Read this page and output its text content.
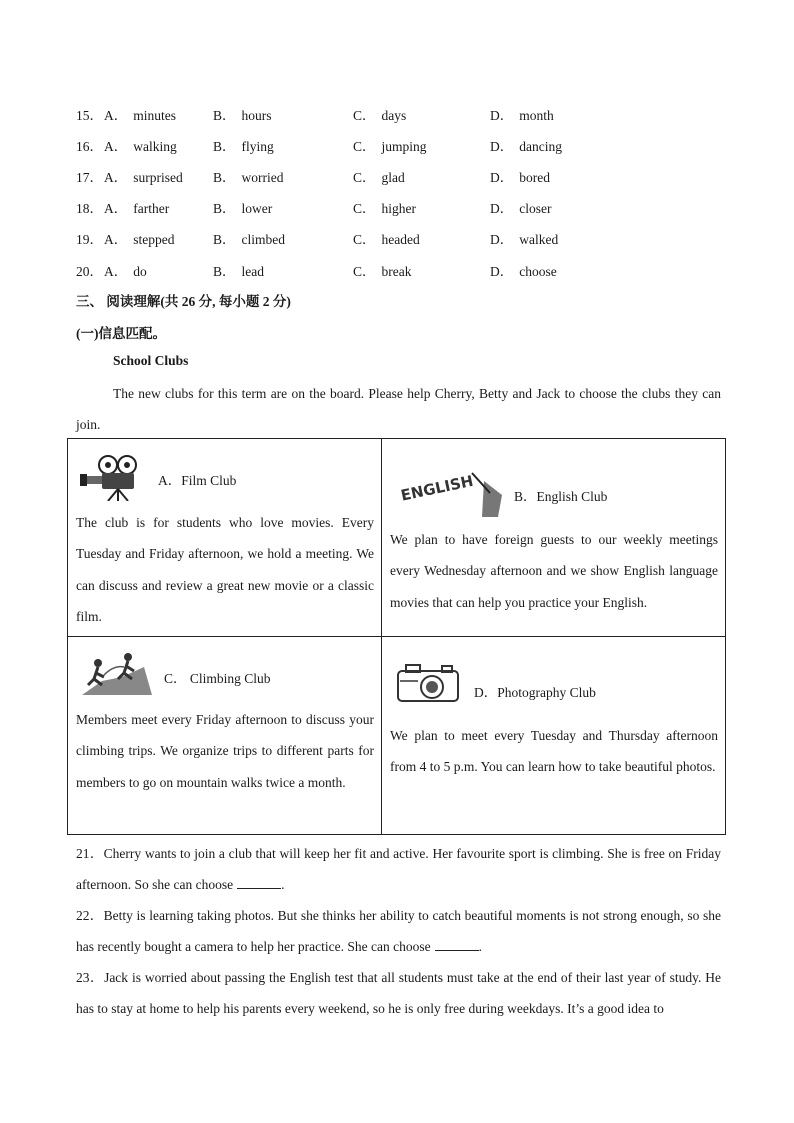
15． A． minutes	B． hours	C． days	D． month
16． A． walking	B． flying	C． jumping	D． dancing
17． A． surprised B． worried	C． glad	D． bored
18． A． farther	B． lower	C． higher	D． closer
19． A． stepped	B． climbed	C． headed	D． walked
20． A． do	B． lead	C． break	D． choose
三、 阅读理解(共 26 分, 每小题 2 分)
(一)信息匹配。
School Clubs
The new clubs for this term are on the board. Please help Cherry, Betty and Jack to choose the clubs they can join.
A．Film Club
The club is for students who love movies. Every Tuesday and Friday afternoon, we hold a meeting. We can discuss and review a great new movie or a classic film.
ENGLISH	B．English Club
We plan to have foreign guests to our weekly meetings every Wednesday afternoon and we show English language movies that can help you practice your English.
C． Climbing Club
Members meet every Friday afternoon to discuss your climbing trips. We organize trips to different parts for members to go on mountain walks twice a month.
D．Photography Club
We plan to meet every Tuesday and Thursday afternoon from 4 to 5 p.m. You can learn how to take beautiful photos.
21．Cherry wants to join a club that will keep her fit and active. Her favourite sport is climbing. She is free on Friday afternoon. So she can choose	.
22．Betty is learning taking photos. But she thinks her ability to catch beautiful moments is not strong enough, so she has recently bought a camera to help her practice. She can choose	.
23．Jack is worried about passing the English test that all students must take at the end of their last year of study. He has to stay at home to help his parents every weekend, so he is only free during weekdays. It’s a good idea to
